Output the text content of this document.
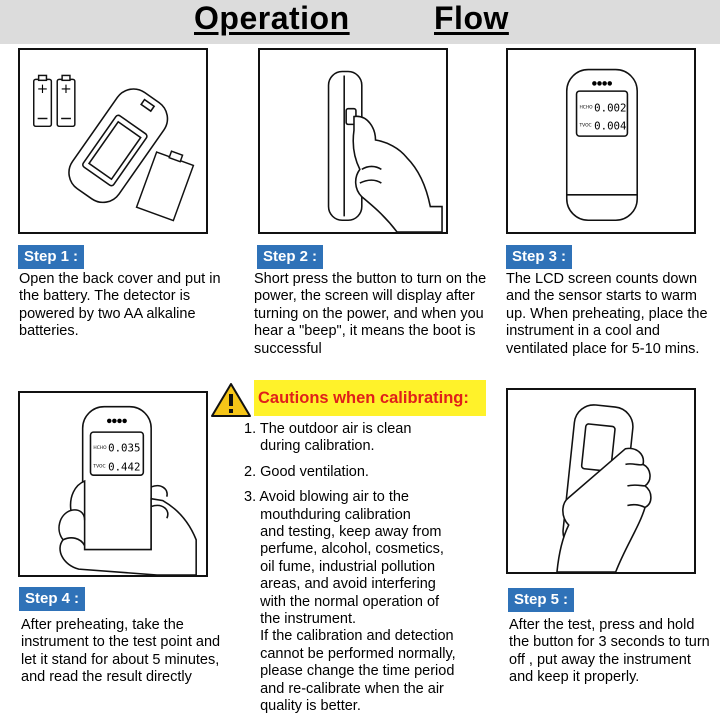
Operation	Flow
+ +
Step 1 :
Open the back cover and put in the battery. The detector is powered by two AA alkaline batteries.
Step 2 :
Short press the button to turn on the power, the screen will display after turning on the power, and when you hear a "beep", it means the boot is successful
●●●●
HCHO 0.002
TVOC 0.004
Step 3 :
The LCD screen counts down and the sensor starts to warm up. When preheating, place the instrument in a cool and ventilated place for 5-10 mins.
●●●●
HCHO 0.035
TVOC 0.442
Step 4 :
After preheating, take the instrument to the test point and let it stand for about 5 minutes, and read the result directly
Cautions when calibrating:
1. The outdoor air is clean
during calibration.
2. Good ventilation.
3. Avoid blowing air to the
mouthduring calibration
and testing, keep away from
perfume, alcohol, cosmetics,
oil fume, industrial pollution
areas, and avoid interfering
with the normal operation of
the instrument.
If the calibration and detection
cannot be performed normally,
please change the time period
and re-calibrate when the air
quality is better.
Step 5 :
After the test, press and hold the button for 3 seconds to turn off , put away the instrument and keep it properly.
